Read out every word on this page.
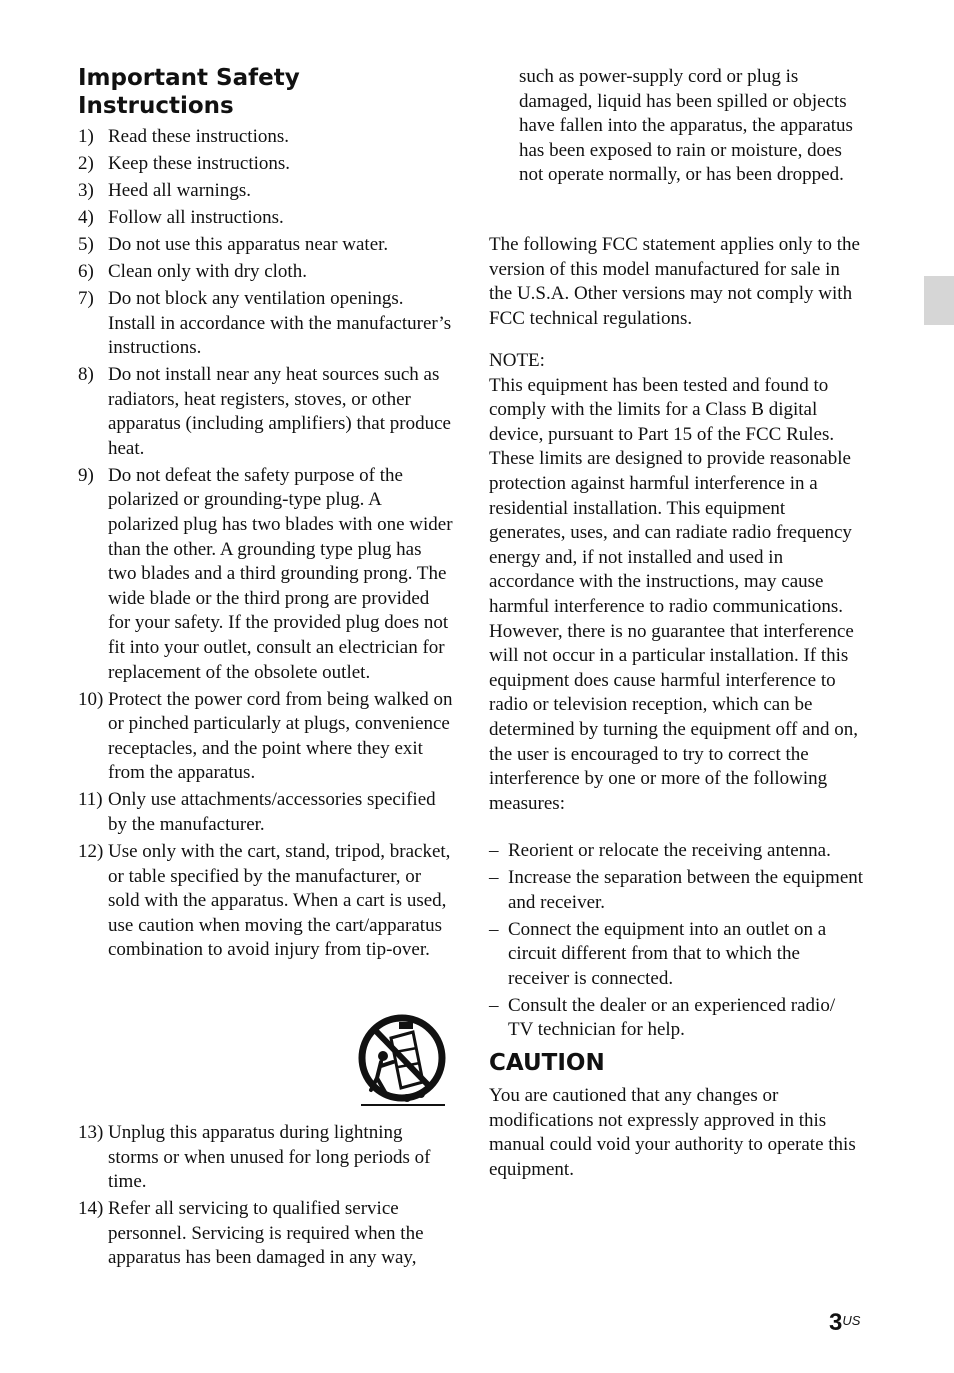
Important Safety Instructions
1) Read these instructions.
2) Keep these instructions.
3) Heed all warnings.
4) Follow all instructions.
5) Do not use this apparatus near water.
6) Clean only with dry cloth.
7) Do not block any ventilation openings. Install in accordance with the manufacturer’s instructions.
8) Do not install near any heat sources such as radiators, heat registers, stoves, or other apparatus (including amplifiers) that produce heat.
9) Do not defeat the safety purpose of the polarized or grounding-type plug. A polarized plug has two blades with one wider than the other. A grounding type plug has two blades and a third grounding prong. The wide blade or the third prong are provided for your safety. If the provided plug does not fit into your outlet, consult an electrician for replacement of the obsolete outlet.
10) Protect the power cord from being walked on or pinched particularly at plugs, convenience receptacles, and the point where they exit from the apparatus.
11) Only use attachments/accessories specified by the manufacturer.
12) Use only with the cart, stand, tripod, bracket, or table specified by the manufacturer, or sold with the apparatus. When a cart is used, use caution when moving the cart/apparatus combination to avoid injury from tip-over.
13) Unplug this apparatus during lightning storms or when unused for long periods of time.
14) Refer all servicing to qualified service personnel. Servicing is required when the apparatus has been damaged in any way,

such as power-supply cord or plug is damaged, liquid has been spilled or objects have fallen into the apparatus, the apparatus has been exposed to rain or moisture, does not operate normally, or has been dropped.

The following FCC statement applies only to the version of this model manufactured for sale in the U.S.A. Other versions may not comply with FCC technical regulations.

NOTE:

This equipment has been tested and found to comply with the limits for a Class B digital device, pursuant to Part 15 of the FCC Rules. These limits are designed to provide reasonable protection against harmful interference in a residential installation. This equipment generates, uses, and can radiate radio frequency energy and, if not installed and used in accordance with the instructions, may cause harmful interference to radio communications.

However, there is no guarantee that interference will not occur in a particular installation. If this equipment does cause harmful interference to radio or television reception, which can be determined by turning the equipment off and on, the user is encouraged to try to correct the interference by one or more of the following measures:

– Reorient or relocate the receiving antenna.
– Increase the separation between the equipment and receiver.
– Connect the equipment into an outlet on a circuit different from that to which the receiver is connected.
– Consult the dealer or an experienced radio/ TV technician for help.
CAUTION

You are cautioned that any changes or modifications not expressly approved in this manual could void your authority to operate this equipment.

$3^{US}$
